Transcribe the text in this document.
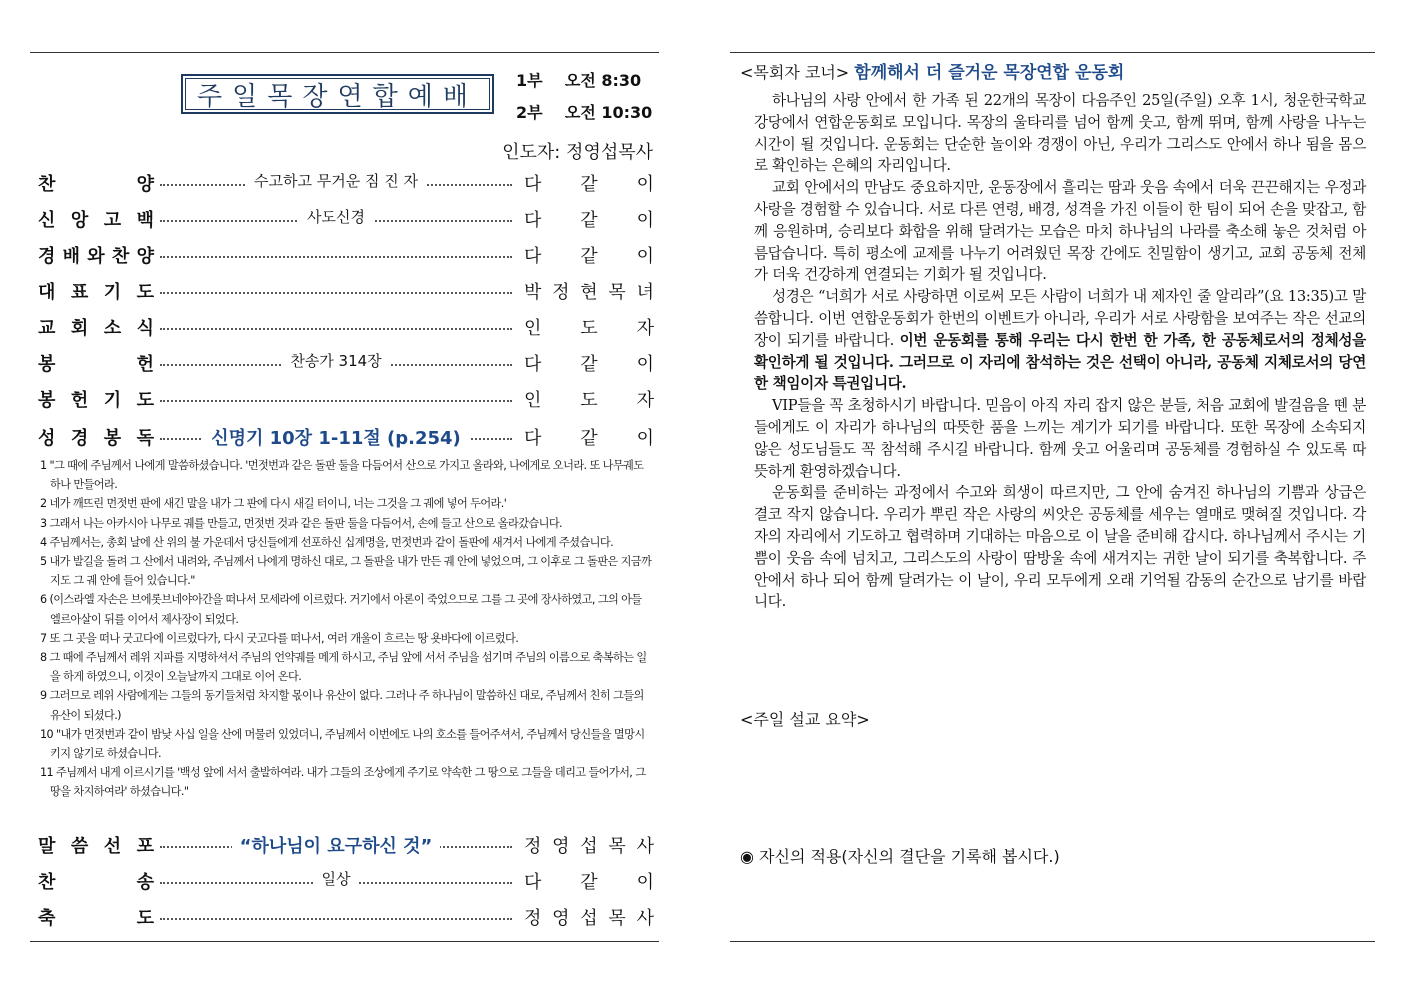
주일목장연합예배
1부 오전 8:30
2부 오전 10:30
인도자: 정영섭목사
찬	양	수고하고 무거운 짐 진 자	다 같 이
신 앙 고 백	사도신경	다 같 이
경 배 와 찬 양	다 같 이
대 표 기 도	박 정 현 목 녀
교 회 소 식	인 도 자
봉	헌	찬송가 314장	다 같 이
봉 헌 기 도	인 도 자
성 경 봉 독	신명기 10장 1-11절 (p.254)	다 같 이
1 "그 때에 주님께서 나에게 말씀하셨습니다. '먼젓번과 같은 돌판 둘을 다듬어서 산으로 가지고 올라와, 나에게로 오너라. 또 나무궤도 하나 만들어라.
2 네가 깨뜨린 먼젓번 판에 새긴 말을 내가 그 판에 다시 새길 터이니, 너는 그것을 그 궤에 넣어 두어라.'
3 그래서 나는 아카시아 나무로 궤를 만들고, 먼젓번 것과 같은 돌판 둘을 다듬어서, 손에 들고 산으로 올라갔습니다.
4 주님께서는, 총회 날에 산 위의 불 가운데서 당신들에게 선포하신 십계명을, 먼젓번과 같이 돌판에 새겨서 나에게 주셨습니다.
5 내가 발길을 돌려 그 산에서 내려와, 주님께서 나에게 명하신 대로, 그 돌판을 내가 만든 궤 안에 넣었으며, 그 이후로 그 돌판은 지금까지도 그 궤 안에 들어 있습니다."
6 (이스라엘 자손은 브에롯브네야아간을 떠나서 모세라에 이르렀다. 거기에서 아론이 죽었으므로 그를 그 곳에 장사하였고, 그의 아들 엘르아살이 뒤를 이어서 제사장이 되었다.
7 또 그 곳을 떠나 굿고다에 이르렀다가, 다시 굿고다를 떠나서, 여러 개울이 흐르는 땅 욧바다에 이르렀다.
8 그 때에 주님께서 레위 지파를 지명하셔서 주님의 언약궤를 메게 하시고, 주님 앞에 서서 주님을 섬기며 주님의 이름으로 축복하는 일을 하게 하였으니, 이것이 오늘날까지 그대로 이어 온다.
9 그러므로 레위 사람에게는 그들의 동기들처럼 차지할 몫이나 유산이 없다. 그러나 주 하나님이 말씀하신 대로, 주님께서 친히 그들의 유산이 되셨다.)
10 "내가 먼젓번과 같이 밤낮 사십 일을 산에 머물러 있었더니, 주님께서 이번에도 나의 호소를 들어주셔서, 주님께서 당신들을 멸망시키지 않기로 하셨습니다.
11 주님께서 내게 이르시기를 '백성 앞에 서서 출발하여라. 내가 그들의 조상에게 주기로 약속한 그 땅으로 그들을 데리고 들어가서, 그 땅을 차지하여라' 하셨습니다."
말 씀 선 포	“하나님이 요구하신 것”	정 영 섭 목 사
찬	송	일상	다 같 이
축	도	정 영 섭 목 사
<목회자 코너> 함께해서 더 즐거운 목장연합 운동회

하나님의 사랑 안에서 한 가족 된 22개의 목장이 다음주인 25일(주일) 오후 1시, 청운한국학교 강당에서 연합운동회로 모입니다. 목장의 울타리를 넘어 함께 웃고, 함께 뛰며, 함께 사랑을 나누는 시간이 될 것입니다. 운동회는 단순한 놀이와 경쟁이 아닌, 우리가 그리스도 안에서 하나 됨을 몸으로 확인하는 은혜의 자리입니다.

교회 안에서의 만남도 중요하지만, 운동장에서 흘리는 땀과 웃음 속에서 더욱 끈끈해지는 우정과 사랑을 경험할 수 있습니다. 서로 다른 연령, 배경, 성격을 가진 이들이 한 팀이 되어 손을 맞잡고, 함께 응원하며, 승리보다 화합을 위해 달려가는 모습은 마치 하나님의 나라를 축소해 놓은 것처럼 아름답습니다. 특히 평소에 교제를 나누기 어려웠던 목장 간에도 친밀함이 생기고, 교회 공동체 전체가 더욱 건강하게 연결되는 기회가 될 것입니다.

성경은 “너희가 서로 사랑하면 이로써 모든 사람이 너희가 내 제자인 줄 알리라”(요 13:35)고 말씀합니다. 이번 연합운동회가 한번의 이벤트가 아니라, 우리가 서로 사랑함을 보여주는 작은 선교의 장이 되기를 바랍니다. 이번 운동회를 통해 우리는 다시 한번 한 가족, 한 공동체로서의 정체성을 확인하게 될 것입니다. 그러므로 이 자리에 참석하는 것은 선택이 아니라, 공동체 지체로서의 당연한 책임이자 특권입니다.

VIP들을 꼭 초청하시기 바랍니다. 믿음이 아직 자리 잡지 않은 분들, 처음 교회에 발걸음을 뗀 분들에게도 이 자리가 하나님의 따뜻한 품을 느끼는 계기가 되기를 바랍니다. 또한 목장에 소속되지 않은 성도님들도 꼭 참석해 주시길 바랍니다. 함께 웃고 어울리며 공동체를 경험하실 수 있도록 따뜻하게 환영하겠습니다.

운동회를 준비하는 과정에서 수고와 희생이 따르지만, 그 안에 숨겨진 하나님의 기쁨과 상급은 결코 작지 않습니다. 우리가 뿌린 작은 사랑의 씨앗은 공동체를 세우는 열매로 맺혀질 것입니다. 각자의 자리에서 기도하고 협력하며 기대하는 마음으로 이 날을 준비해 갑시다. 하나님께서 주시는 기쁨이 웃음 속에 넘치고, 그리스도의 사랑이 땀방울 속에 새겨지는 귀한 날이 되기를 축복합니다. 주 안에서 하나 되어 함께 달려가는 이 날이, 우리 모두에게 오래 기억될 감동의 순간으로 남기를 바랍니다.

<주일 설교 요약>
◉ 자신의 적용(자신의 결단을 기록해 봅시다.)
